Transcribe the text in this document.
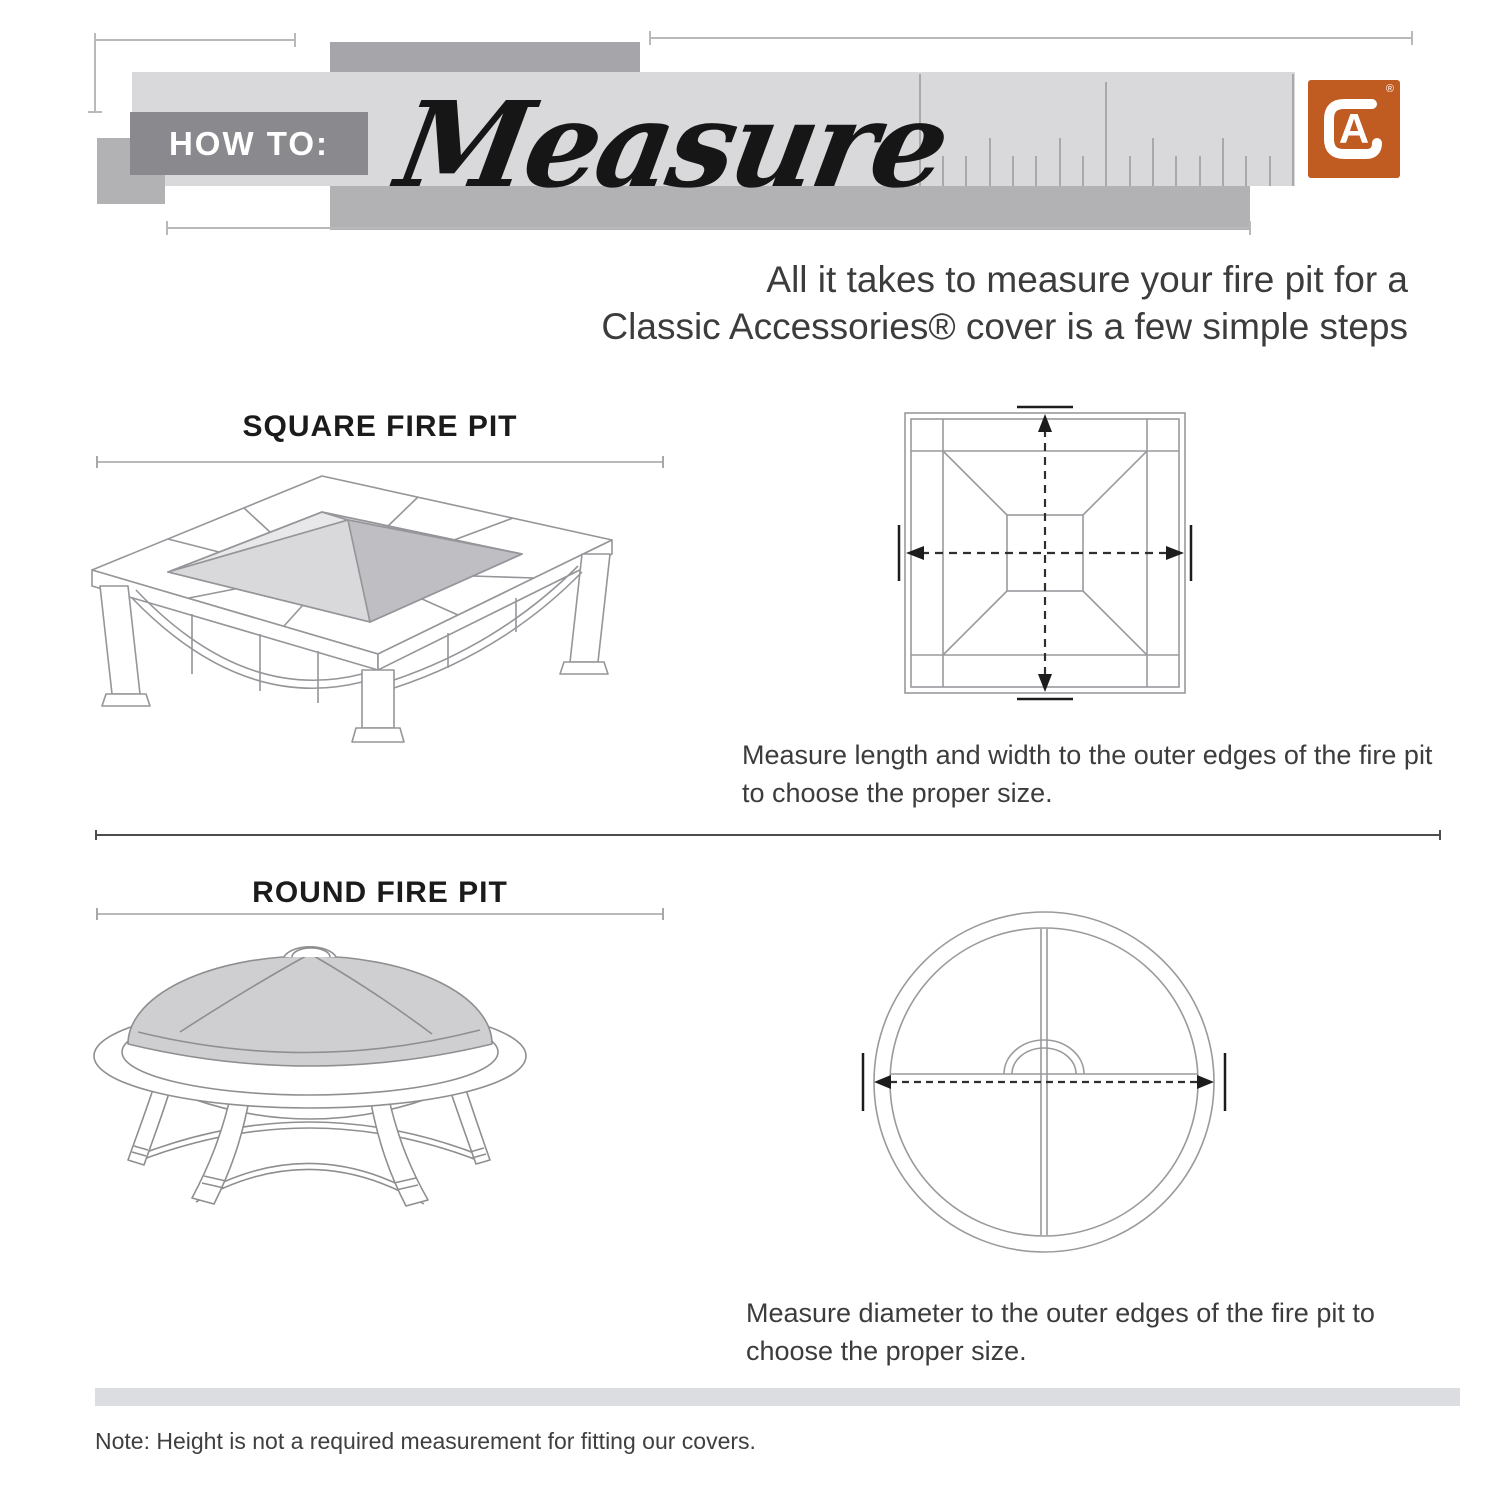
HOW TO: Measure	A
®
All it takes to measure your fire pit for a
Classic Accessories® cover is a few simple steps
SQUARE FIRE PIT
Measure length and width to the outer edges of the fire pit to choose the proper size.
ROUND FIRE PIT
Measure diameter to the outer edges of the fire pit to choose the proper size.
Note: Height is not a required measurement for fitting our covers.
